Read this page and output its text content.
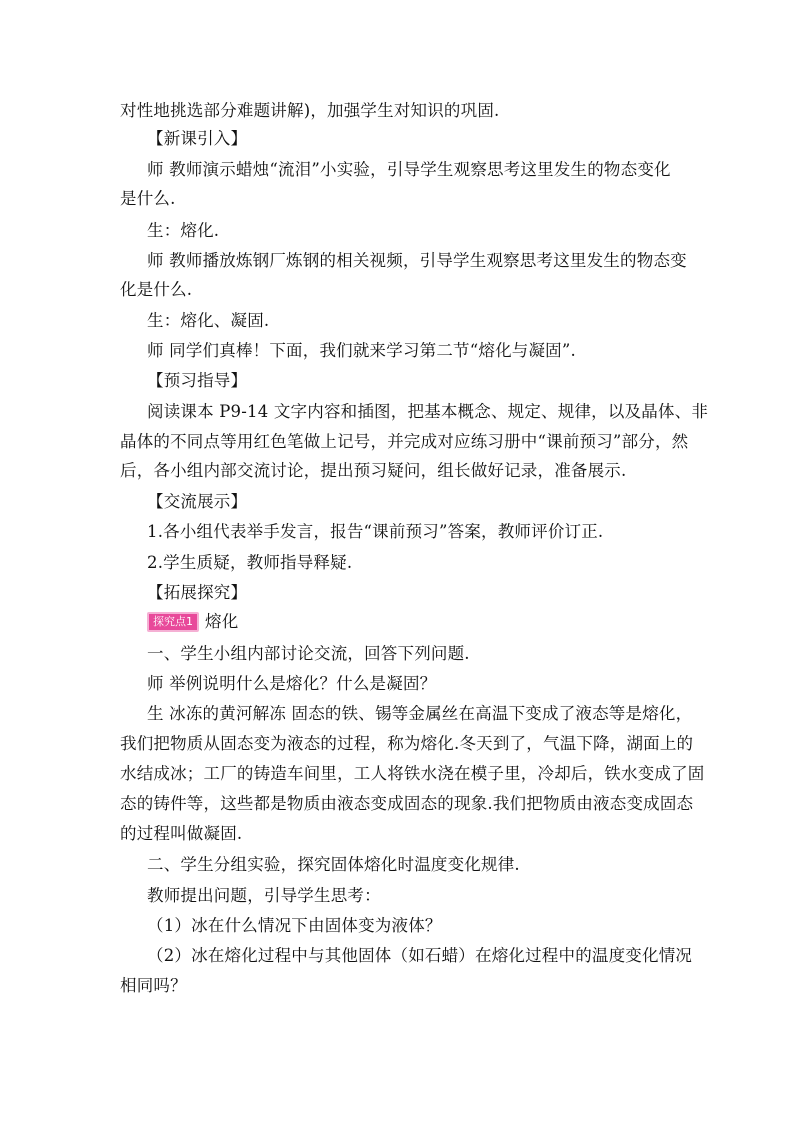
对性地挑选部分难题讲解)，加强学生对知识的巩固.
【新课引入】
师 教师演示蜡烛“流泪”小实验，引导学生观察思考这里发生的物态变化
是什么.
生：熔化.
师 教师播放炼钢厂炼钢的相关视频，引导学生观察思考这里发生的物态变
化是什么.
生：熔化、凝固.
师 同学们真棒！下面，我们就来学习第二节“熔化与凝固”.
【预习指导】
阅读课本 P9-14 文字内容和插图，把基本概念、规定、规律，以及晶体、非
晶体的不同点等用红色笔做上记号，并完成对应练习册中“课前预习”部分，然
后，各小组内部交流讨论，提出预习疑问，组长做好记录，准备展示.
【交流展示】
1.各小组代表举手发言，报告“课前预习”答案，教师评价订正.
2.学生质疑，教师指导释疑.
【拓展探究】
探究点1 熔化
一、学生小组内部讨论交流，回答下列问题.
师 举例说明什么是熔化？什么是凝固？
生 冰冻的黄河解冻 固态的铁、锡等金属丝在高温下变成了液态等是熔化，
我们把物质从固态变为液态的过程，称为熔化.冬天到了，气温下降，湖面上的
水结成冰；工厂的铸造车间里，工人将铁水浇在模子里，冷却后，铁水变成了固
态的铸件等，这些都是物质由液态变成固态的现象.我们把物质由液态变成固态
的过程叫做凝固.
二、学生分组实验，探究固体熔化时温度变化规律.
教师提出问题，引导学生思考：
（1）冰在什么情况下由固体变为液体？
（2）冰在熔化过程中与其他固体（如石蜡）在熔化过程中的温度变化情况
相同吗？
